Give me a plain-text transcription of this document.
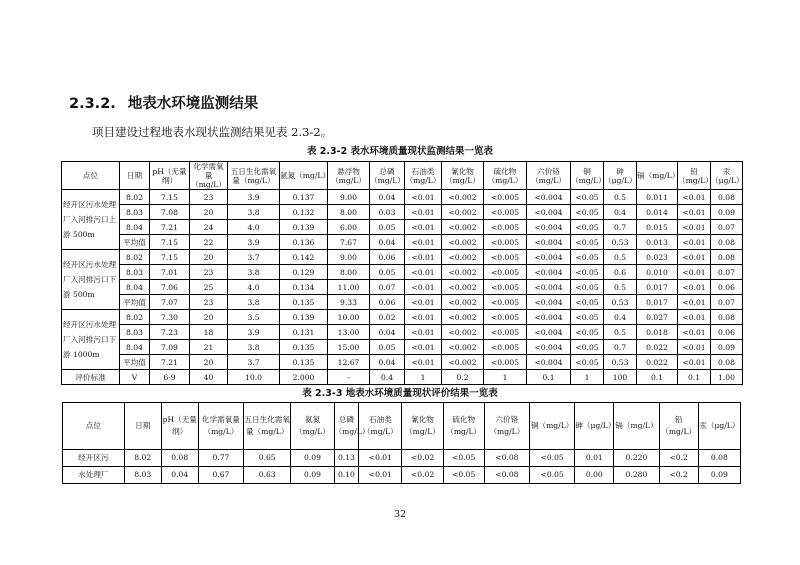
2.3.2. 地表水环境监测结果
项目建设过程地表水现状监测结果见表 2.3-2。
表 2.3-2 表水环境质量现状监测结果一览表
点位	日期	pH（无量纲）	化学需氧量（mg/L）	五日生化需氧量（mg/L）	氨氮（mg/L）	悬浮物（mg/L）	总磷（mg/L）	石油类（mg/L）	氰化物（mg/L）	硫化物（mg/L）	六价铬（mg/L）	铜（mg/L）	砷（μg/L）	镉（mg/L）	铅（mg/L）	汞（μg/L）
经开区污水处理厂入河排污口上游 500m	8.02	7.15	23	3.9	0.137	9.00	0.04	<0.01	<0.002	<0.005	<0.004	<0.05	0.5	0.011	<0.01	0.08
	8.03	7.08	20	3.8	0.132	8.00	0.03	<0.01	<0.002	<0.005	<0.004	<0.05	0.4	0.014	<0.01	0.09
	8.04	7.21	24	4.0	0.139	6.00	0.05	<0.01	<0.002	<0.005	<0.004	<0.05	0.7	0.015	<0.01	0.07
	平均值	7.15	22	3.9	0.136	7.67	0.04	<0.01	<0.002	<0.005	<0.004	<0.05	0.53	0.013	<0.01	0.08
经开区污水处理厂入河排污口下游 500m	8.02	7.15	20	3.7	0.142	9.00	0.06	<0.01	<0.002	<0.005	<0.004	<0.05	0.5	0.023	<0.01	0.08
	8.03	7.01	23	3.8	0.129	8.00	0.05	<0.01	<0.002	<0.005	<0.004	<0.05	0.6	0.010	<0.01	0.07
	8.04	7.06	25	4.0	0.134	11.00	0.07	<0.01	<0.002	<0.005	<0.004	<0.05	0.5	0.017	<0.01	0.06
	平均值	7.07	23	3.8	0.135	9.33	0.06	<0.01	<0.002	<0.005	<0.004	<0.05	0.53	0.017	<0.01	0.07
经开区污水处理厂入河排污口下游 1000m	8.02	7.30	20	3.5	0.139	10.00	0.02	<0.01	<0.002	<0.005	<0.004	<0.05	0.4	0.027	<0.01	0.08
	8.03	7.23	18	3.9	0.131	13.00	0.04	<0.01	<0.002	<0.005	<0.004	<0.05	0.5	0.018	<0.01	0.06
	8.04	7.09	21	3.8	0.135	15.00	0.05	<0.01	<0.002	<0.005	<0.004	<0.05	0.7	0.022	<0.01	0.09
	平均值	7.21	20	3.7	0.135	12.67	0.04	<0.01	<0.002	<0.005	<0.004	<0.05	0.53	0.022	<0.01	0.08
评价标准	V	6-9	40	10.0	2.000	-	0.4	1	0.2	1	0.1	1	100	0.1	0.1	1.00
表 2.3-3 地表水环境质量现状评价结果一览表
点位	日期	pH（无量纲）	化学需氧量（mg/L）	五日生化需氧量（mg/L）	氨氮（mg/L）	总磷（mg/L）	石油类（mg/L）	氰化物（mg/L）	硫化物（mg/L）	六价铬（mg/L）	铜（mg/L）	砷（μg/L）	镉（mg/L）	铅（mg/L）	汞（μg/L）
经开区污	8.02	0.08	0.77	0.65	0.09	0.13	<0.01	<0.02	<0.05	<0.08	<0.05	0.01	0.220	<0.2	0.08
水处理厂	8.03	0.04	0.67	0.63	0.09	0.10	<0.01	<0.02	<0.05	<0.08	<0.05	0.00	0.280	<0.2	0.09
32
